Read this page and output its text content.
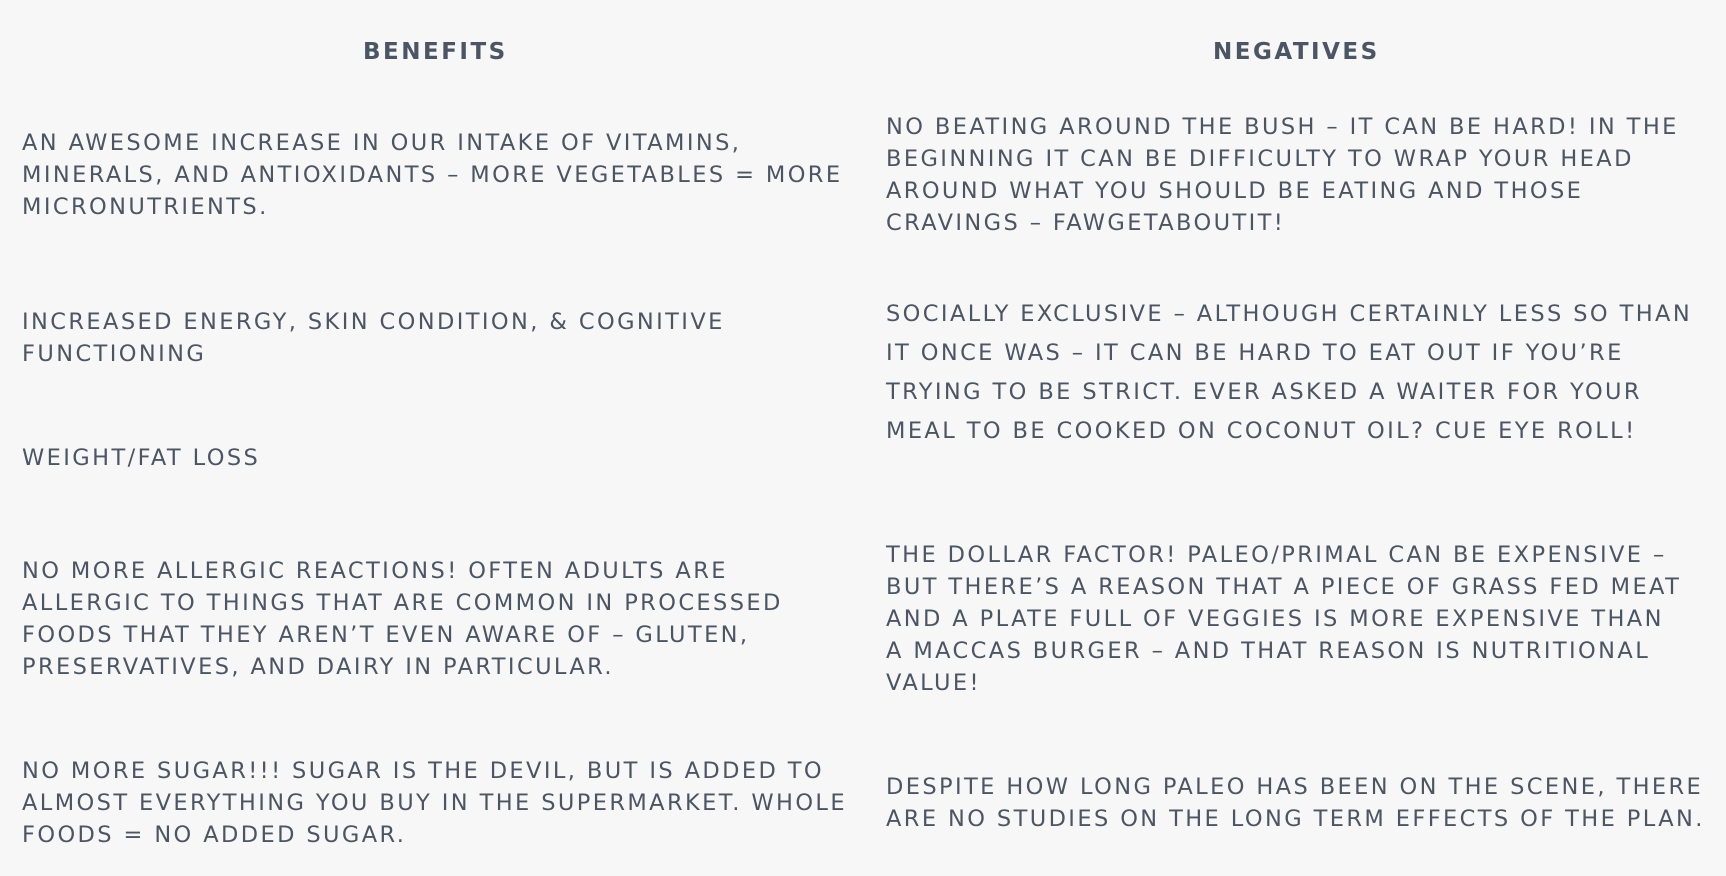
BENEFITS	NEGATIVES

AN AWESOME INCREASE IN OUR INTAKE OF VITAMINS, MINERALS, AND ANTIOXIDANTS – MORE VEGETABLES = MORE MICRONUTRIENTS.

INCREASED ENERGY, SKIN CONDITION, & COGNITIVE FUNCTIONING

WEIGHT/FAT LOSS

NO MORE ALLERGIC REACTIONS! OFTEN ADULTS ARE ALLERGIC TO THINGS THAT ARE COMMON IN PROCESSED FOODS THAT THEY AREN’T EVEN AWARE OF – GLUTEN, PRESERVATIVES, AND DAIRY IN PARTICULAR.

NO MORE SUGAR!!! SUGAR IS THE DEVIL, BUT IS ADDED TO ALMOST EVERYTHING YOU BUY IN THE SUPERMARKET. WHOLE FOODS = NO ADDED SUGAR.

NO BEATING AROUND THE BUSH – IT CAN BE HARD! IN THE BEGINNING IT CAN BE DIFFICULTY TO WRAP YOUR HEAD AROUND WHAT YOU SHOULD BE EATING AND THOSE CRAVINGS – FAWGETABOUTIT!

SOCIALLY EXCLUSIVE – ALTHOUGH CERTAINLY LESS SO THAN IT ONCE WAS – IT CAN BE HARD TO EAT OUT IF YOU’RE TRYING TO BE STRICT. EVER ASKED A WAITER FOR YOUR MEAL TO BE COOKED ON COCONUT OIL? CUE EYE ROLL!

THE DOLLAR FACTOR! PALEO/PRIMAL CAN BE EXPENSIVE – BUT THERE’S A REASON THAT A PIECE OF GRASS FED MEAT AND A PLATE FULL OF VEGGIES IS MORE EXPENSIVE THAN A MACCAS BURGER – AND THAT REASON IS NUTRITIONAL VALUE!

DESPITE HOW LONG PALEO HAS BEEN ON THE SCENE, THERE ARE NO STUDIES ON THE LONG TERM EFFECTS OF THE PLAN.
